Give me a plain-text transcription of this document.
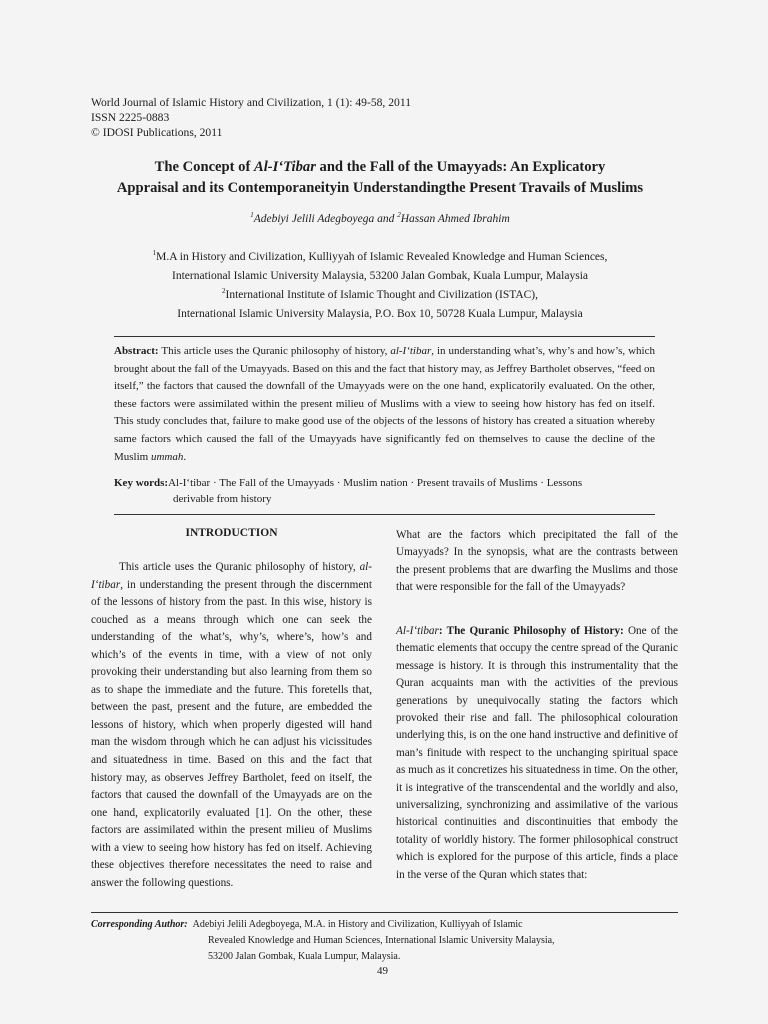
World Journal of Islamic History and Civilization, 1 (1): 49-58, 2011
ISSN 2225-0883
© IDOSI Publications, 2011
The Concept of Al-I‘Tibar and the Fall of the Umayyads: An Explicatory
Appraisal and its Contemporaneityin Understandingthe Present Travails of Muslims
$^1$Adebiyi Jelili Adegboyega and $^2$Hassan Ahmed Ibrahim
$^1$M.A in History and Civilization, Kulliyyah of Islamic Revealed Knowledge and Human Sciences,
International Islamic University Malaysia, 53200 Jalan Gombak, Kuala Lumpur, Malaysia
$^2$International Institute of Islamic Thought and Civilization (ISTAC),
International Islamic University Malaysia, P.O. Box 10, 50728 Kuala Lumpur, Malaysia
Abstract: This article uses the Quranic philosophy of history, al-I‘tibar, in understanding what’s, why’s and how’s, which brought about the fall of the Umayyads. Based on this and the fact that history may, as Jeffrey Bartholet observes, “feed on itself,” the factors that caused the downfall of the Umayyads were on the one hand, explicatorily evaluated. On the other, these factors were assimilated within the present milieu of Muslims with a view to seeing how history has fed on itself. This study concludes that, failure to make good use of the objects of the lessons of history has created a situation whereby same factors which caused the fall of the Umayyads have significantly fed on themselves to cause the decline of the Muslim ummah.
Key words:Al-I‘tibar · The Fall of the Umayyads · Muslim nation · Present travails of Muslims · Lessons
derivable from history
INTRODUCTION
This article uses the Quranic philosophy of history, al-I‘tibar, in understanding the present through the discernment of the lessons of history from the past. In this wise, history is couched as a means through which one can seek the understanding of the what’s, why’s, where’s, how’s and which’s of the events in time, with a view of not only provoking their understanding but also learning from them so as to shape the immediate and the future. This foretells that, between the past, present and the future, are embedded the lessons of history, which when properly digested will hand man the wisdom through which he can adjust his vicissitudes and situatedness in time. Based on this and the fact that history may, as observes Jeffrey Bartholet, feed on itself, the factors that caused the downfall of the Umayyads are on the one hand, explicatorily evaluated [1]. On the other, these factors are assimilated within the present milieu of Muslims with a view to seeing how history has fed on itself. Achieving these objectives therefore necessitates the need to raise and answer the following questions.
What are the factors which precipitated the fall of the Umayyads? In the synopsis, what are the contrasts between the present problems that are dwarfing the Muslims and those that were responsible for the fall of the Umayyads?
Al-I‘tibar: The Quranic Philosophy of History: One of the thematic elements that occupy the centre spread of the Quranic message is history. It is through this instrumentality that the Quran acquaints man with the activities of the previous generations by unequivocally stating the factors which provoked their rise and fall. The philosophical colouration underlying this, is on the one hand instructive and definitive of man’s finitude with respect to the unchanging spiritual space as much as it concretizes his situatedness in time. On the other, it is integrative of the transcendental and the worldly and also, universalizing, synchronizing and assimilative of the various historical continuities and discontinuities that embody the totality of worldly history. The former philosophical construct which is explored for the purpose of this article, finds a place in the verse of the Quran which states that:
Corresponding Author: Adebiyi Jelili Adegboyega, M.A. in History and Civilization, Kulliyyah of Islamic
Revealed Knowledge and Human Sciences, International Islamic University Malaysia,
53200 Jalan Gombak, Kuala Lumpur, Malaysia.
49
